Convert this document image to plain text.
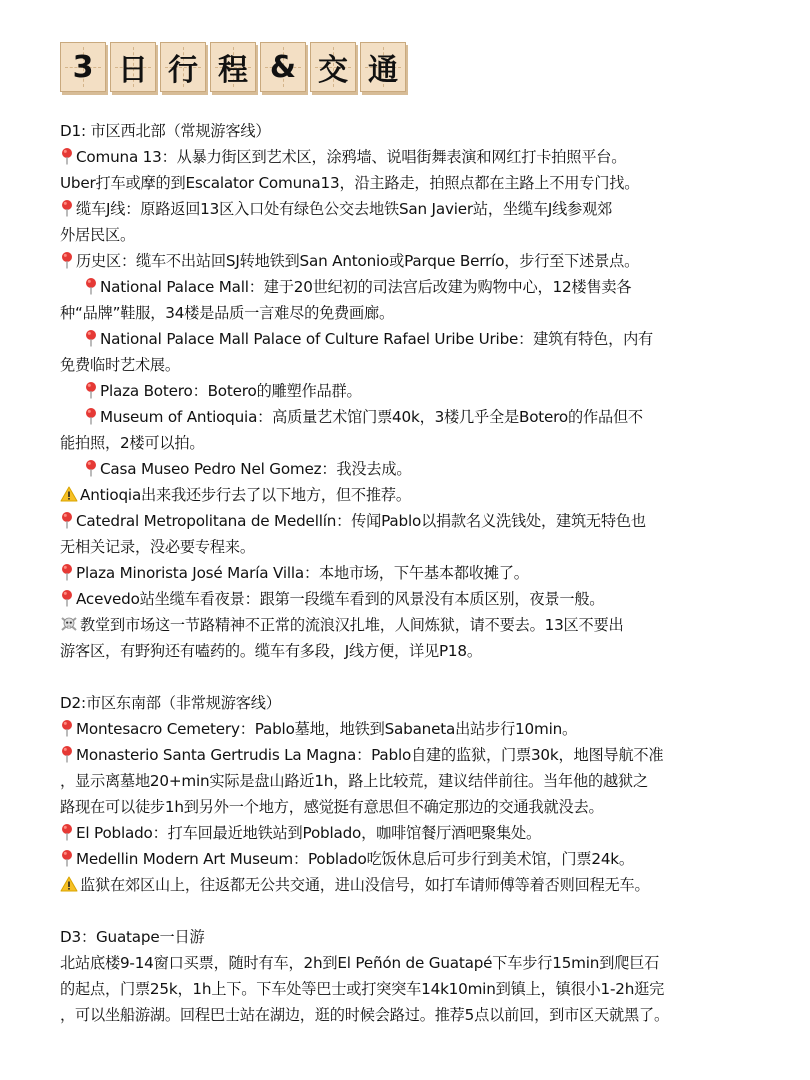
3 日 行 程 & 交 通
D1: 市区西北部（常规游客线）
Comuna 13：从暴力街区到艺术区，涂鸦墙、说唱街舞表演和网红打卡拍照平台。
Uber打车或摩的到Escalator Comuna13，沿主路走，拍照点都在主路上不用专门找。
缆车J线：原路返回13区入口处有绿色公交去地铁San Javier站，坐缆车J线参观郊
外居民区。
历史区：缆车不出站回SJ转地铁到San Antonio或Parque Berrío，步行至下述景点。
National Palace Mall：建于20世纪初的司法宫后改建为购物中心，12楼售卖各
种“品牌”鞋服，34楼是品质一言难尽的免费画廊。
National Palace Mall Palace of Culture Rafael Uribe Uribe：建筑有特色，内有
免费临时艺术展。
Plaza Botero：Botero的雕塑作品群。
Museum of Antioquia：高质量艺术馆门票40k，3楼几乎全是Botero的作品但不
能拍照，2楼可以拍。
Casa Museo Pedro Nel Gomez：我没去成。
Antioqia出来我还步行去了以下地方，但不推荐。
Catedral Metropolitana de Medellín：传闻Pablo以捐款名义洗钱处，建筑无特色也
无相关记录，没必要专程来。
Plaza Minorista José María Villa：本地市场，下午基本都收摊了。
Acevedo站坐缆车看夜景：跟第一段缆车看到的风景没有本质区别，夜景一般。
教堂到市场这一节路精神不正常的流浪汉扎堆，人间炼狱，请不要去。13区不要出
游客区，有野狗还有嗑药的。缆车有多段，J线方便，详见P18。
D2:市区东南部（非常规游客线）
Montesacro Cemetery：Pablo墓地，地铁到Sabaneta出站步行10min。
Monasterio Santa Gertrudis La Magna：Pablo自建的监狱，门票30k，地图导航不准
，显示离墓地20+min实际是盘山路近1h，路上比较荒，建议结伴前往。当年他的越狱之
路现在可以徒步1h到另外一个地方，感觉挺有意思但不确定那边的交通我就没去。
El Poblado：打车回最近地铁站到Poblado，咖啡馆餐厅酒吧聚集处。
Medellin Modern Art Museum：Poblado吃饭休息后可步行到美术馆，门票24k。
监狱在郊区山上，往返都无公共交通，进山没信号，如打车请师傅等着否则回程无车。
D3：Guatape一日游
北站底楼9-14窗口买票，随时有车，2h到El Peñón de Guatapé下车步行15min到爬巨石
的起点，门票25k，1h上下。下车处等巴士或打突突车14k10min到镇上，镇很小1-2h逛完
，可以坐船游湖。回程巴士站在湖边，逛的时候会路过。推荐5点以前回，到市区天就黑了。
